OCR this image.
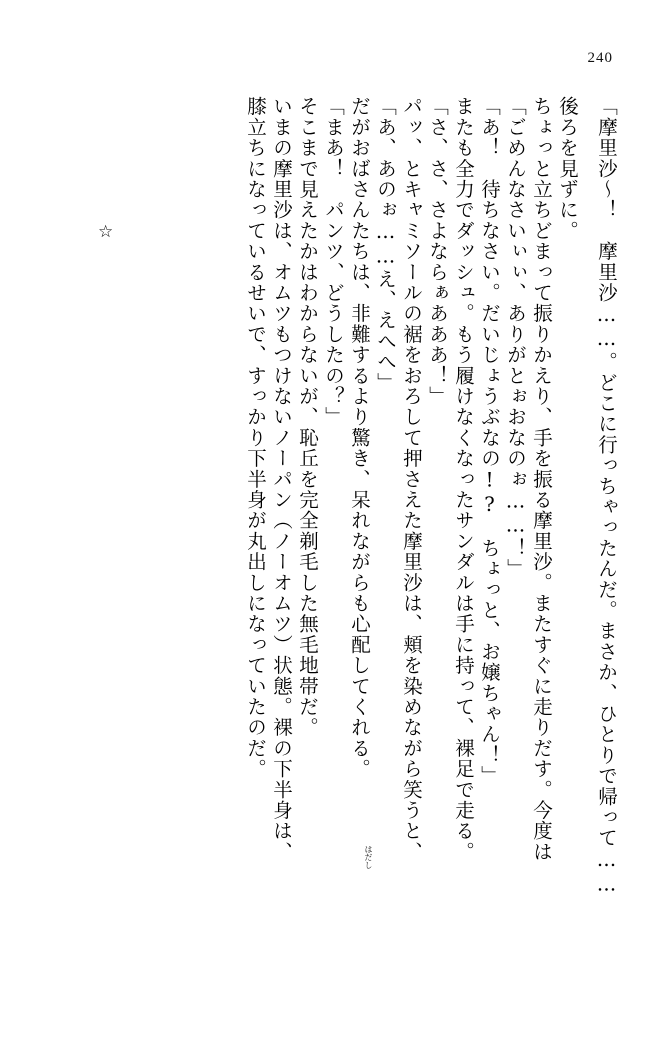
240
膝立ちになっているせいで、すっかり下半身が丸出しになっていたのだ。 いまの摩里沙は、オムツもつけないノーパン（ノーオムツ）状態。裸の下半身は、 そこまで見えたかはわからないが、恥丘を完全剃毛した無毛地帯だ。 「まあ！　パンツ、どうしたの？」 だがおばさんたちは、非難するより驚き、呆れながらも心配してくれる。 「あ、あのぉ……え、えへへ」 パッ、とキャミソールの裾をおろして押さえた摩里沙は、頬を染めながら笑うと、 「さ、さ、さよならぁあああ！」 またも全力でダッシュ。もう履けなくなったサンダルは手に持って、裸足で走る。 「あ！　待ちなさい。だいじょうぶなの!?　ちょっと、お嬢ちゃん！」 「ごめんなさいぃぃ、ありがとぉおなのぉ……！」 ちょっと立ちどまって振りかえり、手を振る摩里沙。またすぐに走りだす。今度は 後ろを見ずに。 「摩里沙～！　摩里沙……。どこに行っちゃったんだ。まさか、ひとりで帰って……
☆
はだし
